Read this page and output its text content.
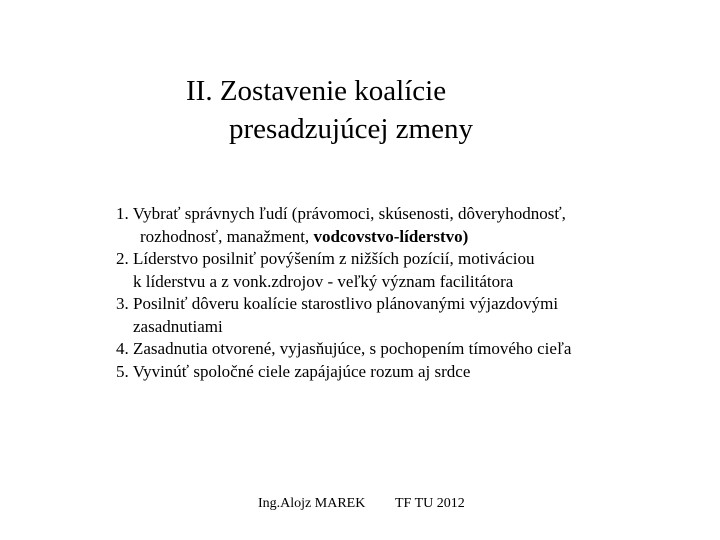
II. Zostavenie koalície
presadzujúcej zmeny
1. Vybrať správnych ľudí (právomoci, skúsenosti, dôveryhodnosť,
rozhodnosť, manažment, vodcovstvo-líderstvo)
2. Líderstvo posilniť povýšením z nižších pozícií, motiváciou
k líderstvu a z vonk.zdrojov - veľký význam facilitátora
3. Posilniť dôveru koalície starostlivo plánovanými výjazdovými
zasadnutiami
4. Zasadnutia otvorené, vyjasňujúce, s pochopením tímového cieľa
5. Vyvinúť spoločné ciele zapájajúce rozum aj srdce
Ing.Alojz MAREK TF TU 2012
